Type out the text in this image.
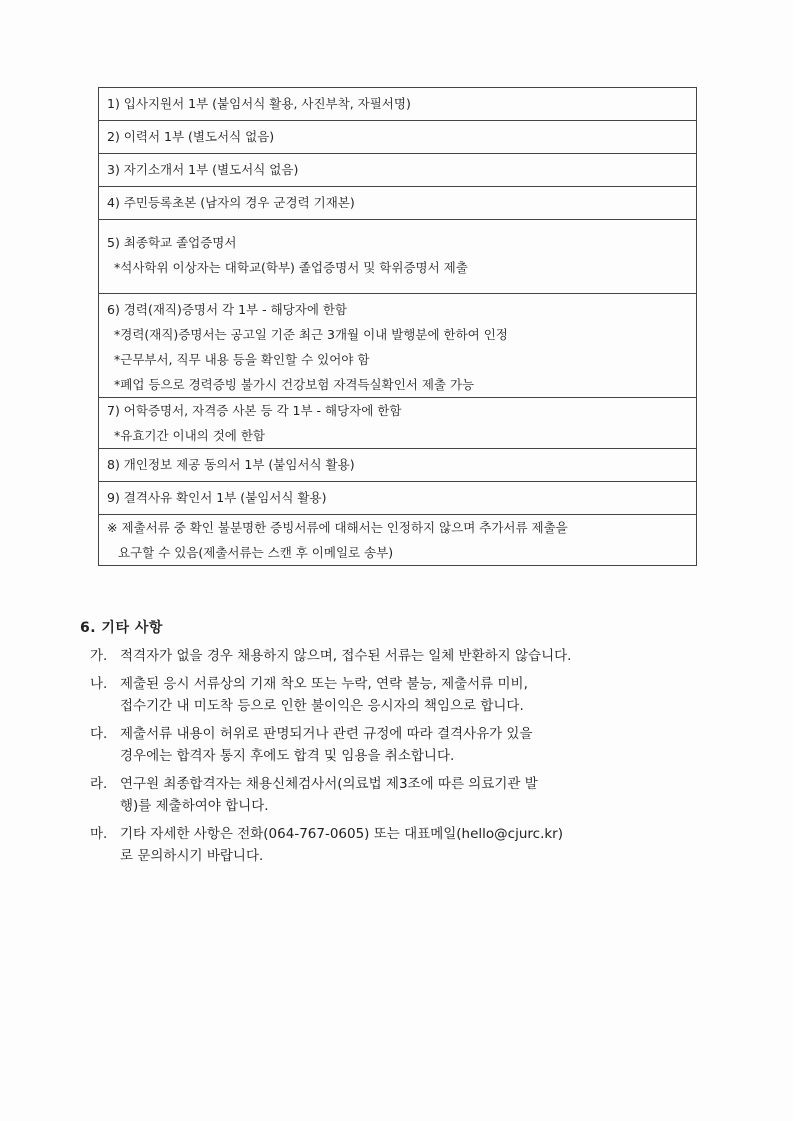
1) 입사지원서 1부 (붙임서식 활용, 사진부착, 자필서명)

2) 이력서 1부 (별도서식 없음)

3) 자기소개서 1부 (별도서식 없음)

4) 주민등록초본 (남자의 경우 군경력 기재본)

5) 최종학교 졸업증명서
*석사학위 이상자는 대학교(학부) 졸업증명서 및 학위증명서 제출

6) 경력(재직)증명서 각 1부 - 해당자에 한함
*경력(재직)증명서는 공고일 기준 최근 3개월 이내 발행분에 한하여 인정
*근무부서, 직무 내용 등을 확인할 수 있어야 함
*폐업 등으로 경력증빙 불가시 건강보험 자격득실확인서 제출 가능

7) 어학증명서, 자격증 사본 등 각 1부 - 해당자에 한함
*유효기간 이내의 것에 한함

8) 개인정보 제공 동의서 1부 (붙임서식 활용)

9) 결격사유 확인서 1부 (붙임서식 활용)

※ 제출서류 중 확인 불분명한 증빙서류에 대해서는 인정하지 않으며 추가서류 제출을
요구할 수 있음(제출서류는 스캔 후 이메일로 송부)
6. 기타 사항
가. 적격자가 없을 경우 채용하지 않으며, 접수된 서류는 일체 반환하지 않습니다.
나. 제출된 응시 서류상의 기재 착오 또는 누락, 연락 불능, 제출서류 미비,
접수기간 내 미도착 등으로 인한 불이익은 응시자의 책임으로 합니다.
다. 제출서류 내용이 허위로 판명되거나 관련 규정에 따라 결격사유가 있을
경우에는 합격자 통지 후에도 합격 및 임용을 취소합니다.
라. 연구원 최종합격자는 채용신체검사서(의료법 제3조에 따른 의료기관 발
행)를 제출하여야 합니다.
마. 기타 자세한 사항은 전화(064-767-0605) 또는 대표메일(hello@cjurc.kr)
로 문의하시기 바랍니다.
